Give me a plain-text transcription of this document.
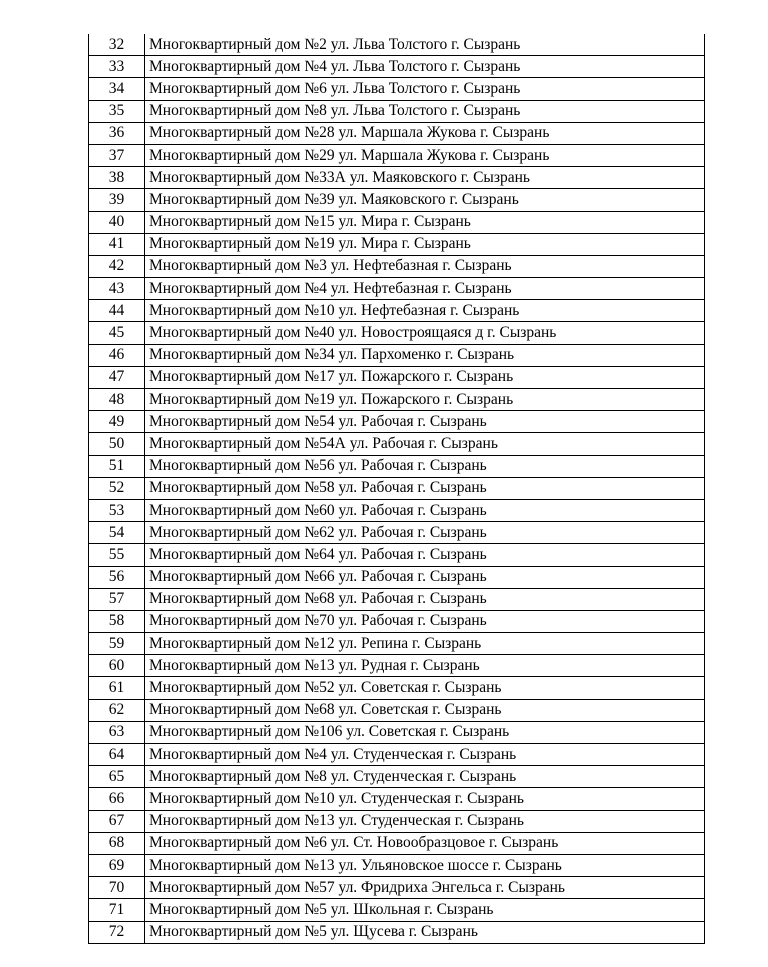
32	Многоквартирный дом №2 ул. Льва Толстого г. Сызрань
33	Многоквартирный дом №4 ул. Льва Толстого г. Сызрань
34	Многоквартирный дом №6 ул. Льва Толстого г. Сызрань
35	Многоквартирный дом №8 ул. Льва Толстого г. Сызрань
36	Многоквартирный дом №28 ул. Маршала Жукова г. Сызрань
37	Многоквартирный дом №29 ул. Маршала Жукова г. Сызрань
38	Многоквартирный дом №33А ул. Маяковского г. Сызрань
39	Многоквартирный дом №39 ул. Маяковского г. Сызрань
40	Многоквартирный дом №15 ул. Мира г. Сызрань
41	Многоквартирный дом №19 ул. Мира г. Сызрань
42	Многоквартирный дом №3 ул. Нефтебазная г. Сызрань
43	Многоквартирный дом №4 ул. Нефтебазная г. Сызрань
44	Многоквартирный дом №10 ул. Нефтебазная г. Сызрань
45	Многоквартирный дом №40 ул. Новостроящаяся д г. Сызрань
46	Многоквартирный дом №34 ул. Пархоменко г. Сызрань
47	Многоквартирный дом №17 ул. Пожарского г. Сызрань
48	Многоквартирный дом №19 ул. Пожарского г. Сызрань
49	Многоквартирный дом №54 ул. Рабочая г. Сызрань
50	Многоквартирный дом №54А ул. Рабочая г. Сызрань
51	Многоквартирный дом №56 ул. Рабочая г. Сызрань
52	Многоквартирный дом №58 ул. Рабочая г. Сызрань
53	Многоквартирный дом №60 ул. Рабочая г. Сызрань
54	Многоквартирный дом №62 ул. Рабочая г. Сызрань
55	Многоквартирный дом №64 ул. Рабочая г. Сызрань
56	Многоквартирный дом №66 ул. Рабочая г. Сызрань
57	Многоквартирный дом №68 ул. Рабочая г. Сызрань
58	Многоквартирный дом №70 ул. Рабочая г. Сызрань
59	Многоквартирный дом №12 ул. Репина г. Сызрань
60	Многоквартирный дом №13 ул. Рудная г. Сызрань
61	Многоквартирный дом №52 ул. Советская г. Сызрань
62	Многоквартирный дом №68 ул. Советская г. Сызрань
63	Многоквартирный дом №106 ул. Советская г. Сызрань
64	Многоквартирный дом №4 ул. Студенческая г. Сызрань
65	Многоквартирный дом №8 ул. Студенческая г. Сызрань
66	Многоквартирный дом №10 ул. Студенческая г. Сызрань
67	Многоквартирный дом №13 ул. Студенческая г. Сызрань
68	Многоквартирный дом №6 ул. Ст. Новообразцовое г. Сызрань
69	Многоквартирный дом №13 ул. Ульяновское шоссе г. Сызрань
70	Многоквартирный дом №57 ул. Фридриха Энгельса г. Сызрань
71	Многоквартирный дом №5 ул. Школьная г. Сызрань
72	Многоквартирный дом №5 ул. Щусева г. Сызрань
